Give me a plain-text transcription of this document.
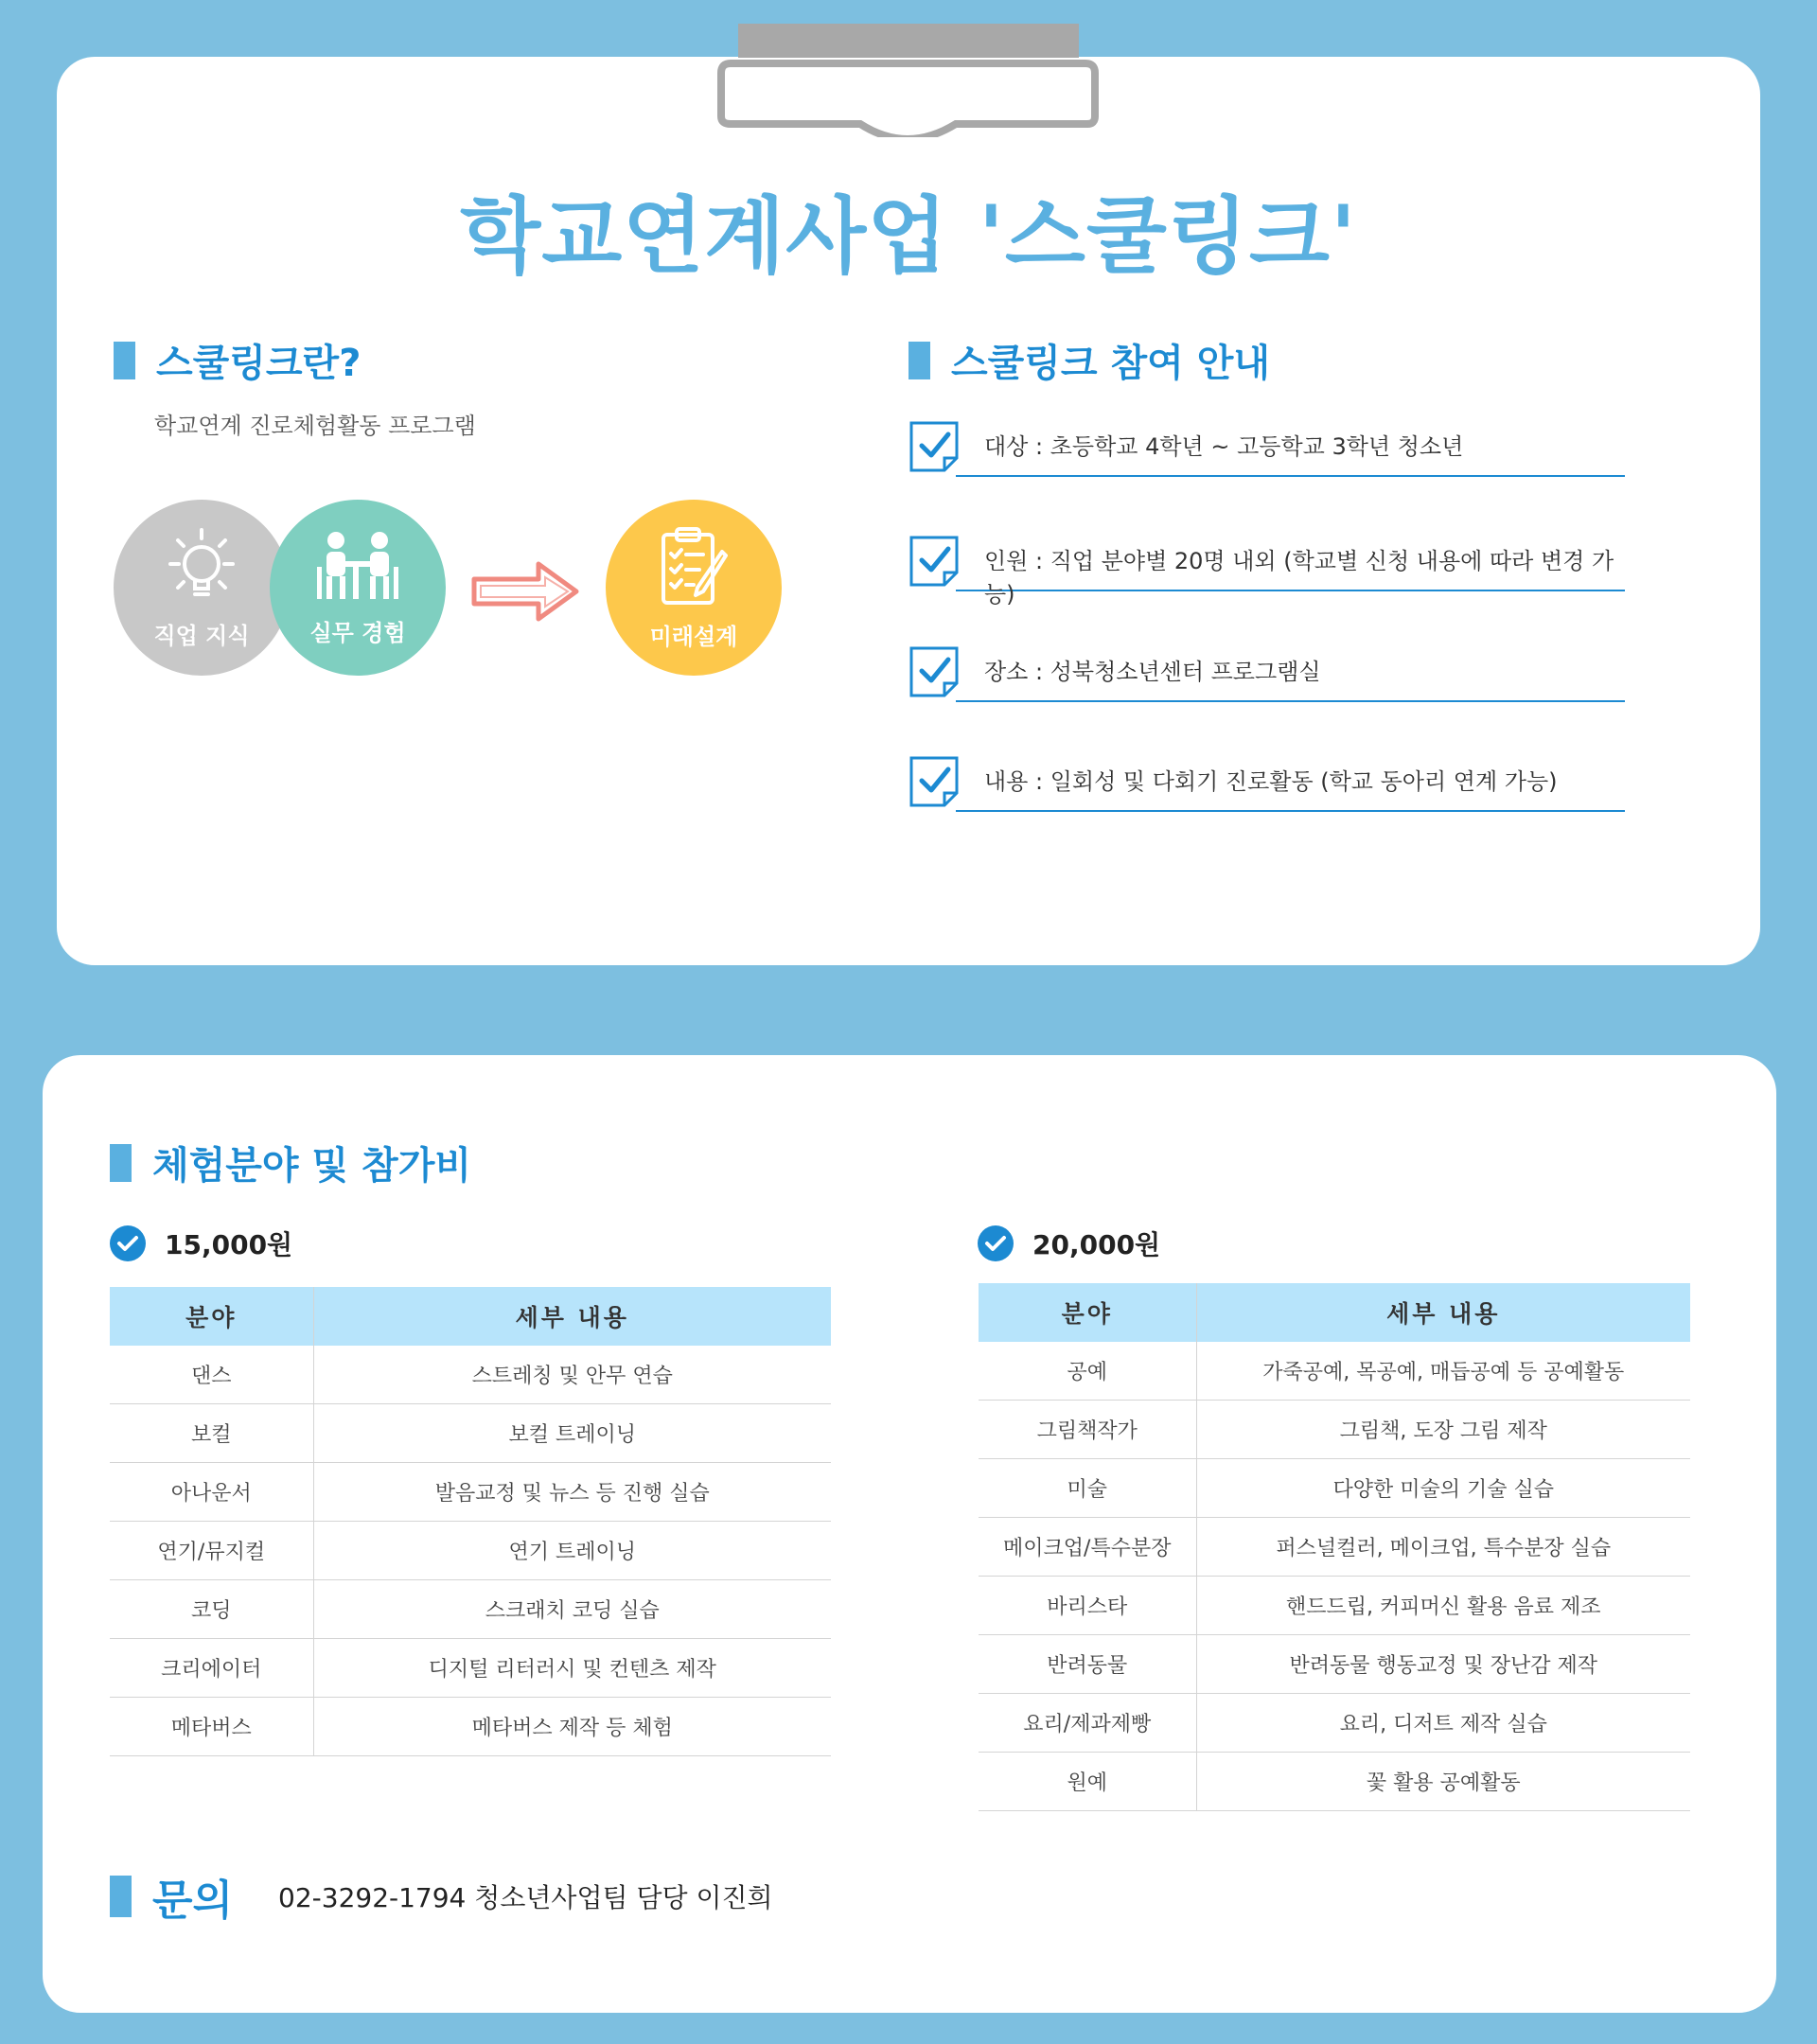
학교연계사업 '스쿨링크'
스쿨링크란?
학교연계 진로체험활동 프로그램
직업 지식	실무 경험	미래설계
스쿨링크 참여 안내
대상 : 초등학교 4학년 ~ 고등학교 3학년 청소년
인원 : 직업 분야별 20명 내외 (학교별 신청 내용에 따라 변경 가능)
장소 : 성북청소년센터 프로그램실
내용 : 일회성 및 다회기 진로활동 (학교 동아리 연계 가능)
체험분야 및 참가비
15,000원
분야	세부 내용
댄스	스트레칭 및 안무 연습
보컬	보컬 트레이닝
아나운서	발음교정 및 뉴스 등 진행 실습
연기/뮤지컬	연기 트레이닝
코딩	스크래치 코딩 실습
크리에이터	디지털 리터러시 및 컨텐츠 제작
메타버스	메타버스 제작 등 체험
20,000원
분야	세부 내용
공예	가죽공예, 목공예, 매듭공예 등 공예활동
그림책작가	그림책, 도장 그림 제작
미술	다양한 미술의 기술 실습
메이크업/특수분장	퍼스널컬러, 메이크업, 특수분장 실습
바리스타	핸드드립, 커피머신 활용 음료 제조
반려동물	반려동물 행동교정 및 장난감 제작
요리/제과제빵	요리, 디저트 제작 실습
원예	꽃 활용 공예활동
문의 02-3292-1794 청소년사업팀 담당 이진희
